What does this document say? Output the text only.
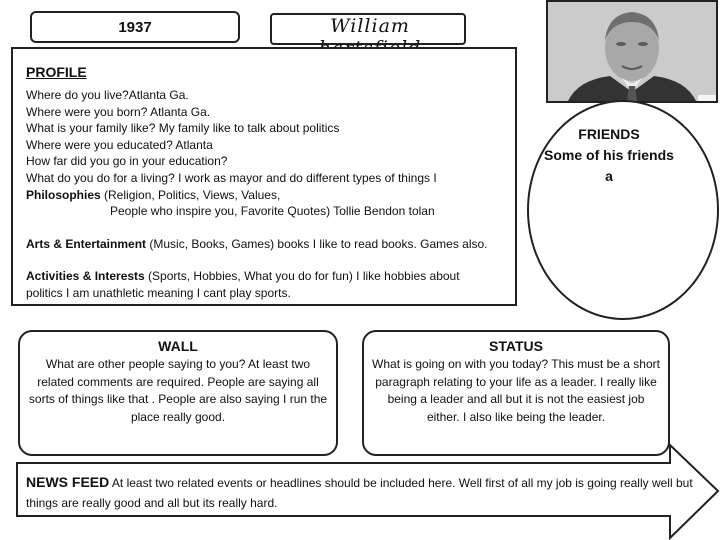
1937	William
PROFILE
Where do you live?Atlanta Ga.
Where were you born? Atlanta Ga.
What is your family like? My family like to talk about politics
Where were you educated? Atlanta
How far did you go in your education?
What do you do for a living? I work as mayor and do different types of things I
Philosophies (Religion, Politics, Views, Values,
People who inspire you, Favorite Quotes) Tollie Bendon tolan
Arts & Entertainment (Music, Books, Games) books I like to read books. Games also.
Activities & Interests (Sports, Hobbies, What you do for fun) I like hobbies about
politics I am unathletic meaning I cant play sports.
FRIENDS
Some of his friends
a
WALL
What are other people saying to you? At least two related comments are required. People are saying all sorts of things like that . People are also saying I run the place really good.
STATUS
What is going on with you today? This must be a short paragraph relating to your life as a leader. I really like being a leader and all but it is not the easiest job either. I also like being the leader.
NEWS FEED At least two related events or headlines should be included here. Well first of all my job is going really well but things are really good and all but its really hard.
